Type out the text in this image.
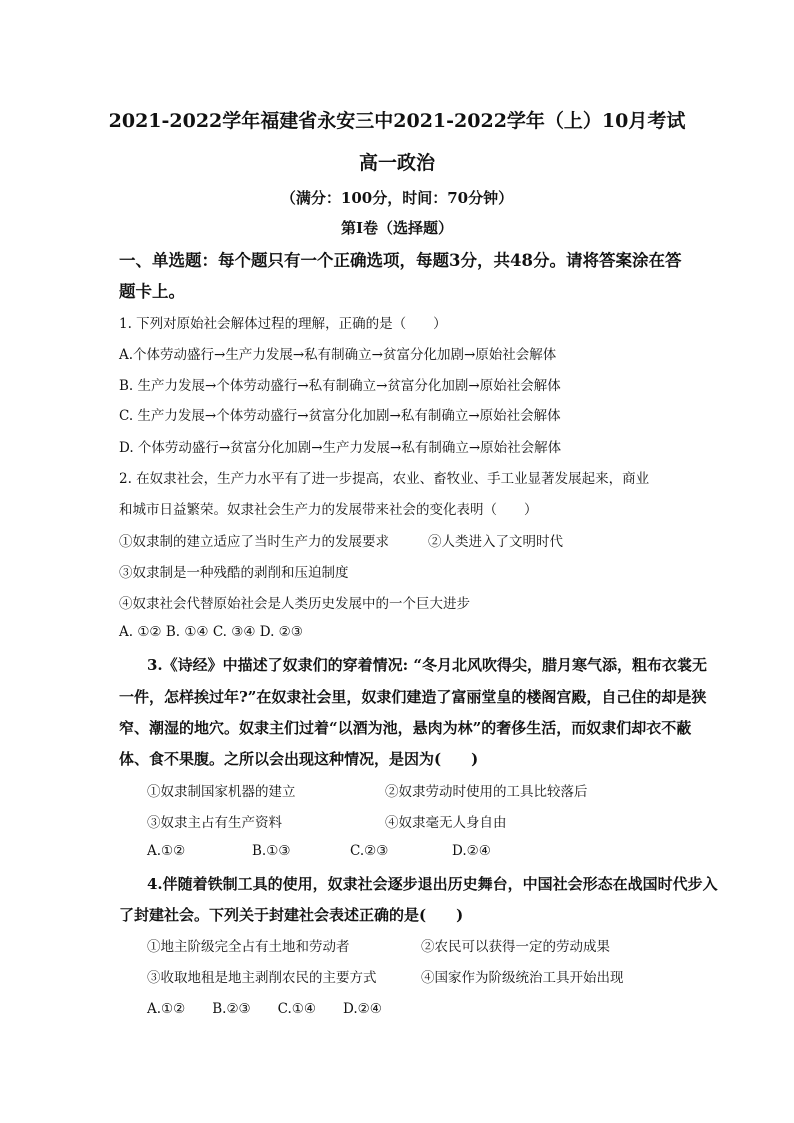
2021-2022学年福建省永安三中2021-2022学年（上）10月考试
高一政治
（满分：100分，时间：70分钟）
第Ⅰ卷（选择题）
一、单选题：每个题只有一个正确选项，每题3分，共48分。请将答案涂在答
题卡上。
1. 下列对原始社会解体过程的理解，正确的是（　　）
A.个体劳动盛行→生产力发展→私有制确立→贫富分化加剧→原始社会解体
B. 生产力发展→个体劳动盛行→私有制确立→贫富分化加剧→原始社会解体
C. 生产力发展→个体劳动盛行→贫富分化加剧→私有制确立→原始社会解体
D. 个体劳动盛行→贫富分化加剧→生产力发展→私有制确立→原始社会解体
2. 在奴隶社会，生产力水平有了进一步提高，农业、畜牧业、手工业显著发展起来，商业
和城市日益繁荣。奴隶社会生产力的发展带来社会的变化表明（　　）
①奴隶制的建立适应了当时生产力的发展要求	②人类进入了文明时代
③奴隶制是一种残酷的剥削和压迫制度
④奴隶社会代替原始社会是人类历史发展中的一个巨大进步
A. ①② B. ①④ C. ③④ D. ②③
3.《诗经》中描述了奴隶们的穿着情况: “冬月北风吹得尖，腊月寒气添，粗布衣裳无
一件，怎样挨过年?”在奴隶社会里，奴隶们建造了富丽堂皇的楼阁宫殿，自己住的却是狭
窄、潮湿的地穴。奴隶主们过着“以酒为池，悬肉为林”的奢侈生活，而奴隶们却衣不蔽
体、食不果腹。之所以会出现这种情况，是因为(　　)
①奴隶制国家机器的建立	②奴隶劳动时使用的工具比较落后
③奴隶主占有生产资料	④奴隶毫无人身自由
A.①②	B.①③	C.②③	D.②④
4.伴随着铁制工具的使用，奴隶社会逐步退出历史舞台，中国社会形态在战国时代步入
了封建社会。下列关于封建社会表述正确的是(　　)
①地主阶级完全占有土地和劳动者	②农民可以获得一定的劳动成果
③收取地租是地主剥削农民的主要方式	④国家作为阶级统治工具开始出现
A.①②　　B.②③　　C.①④　　D.②④
